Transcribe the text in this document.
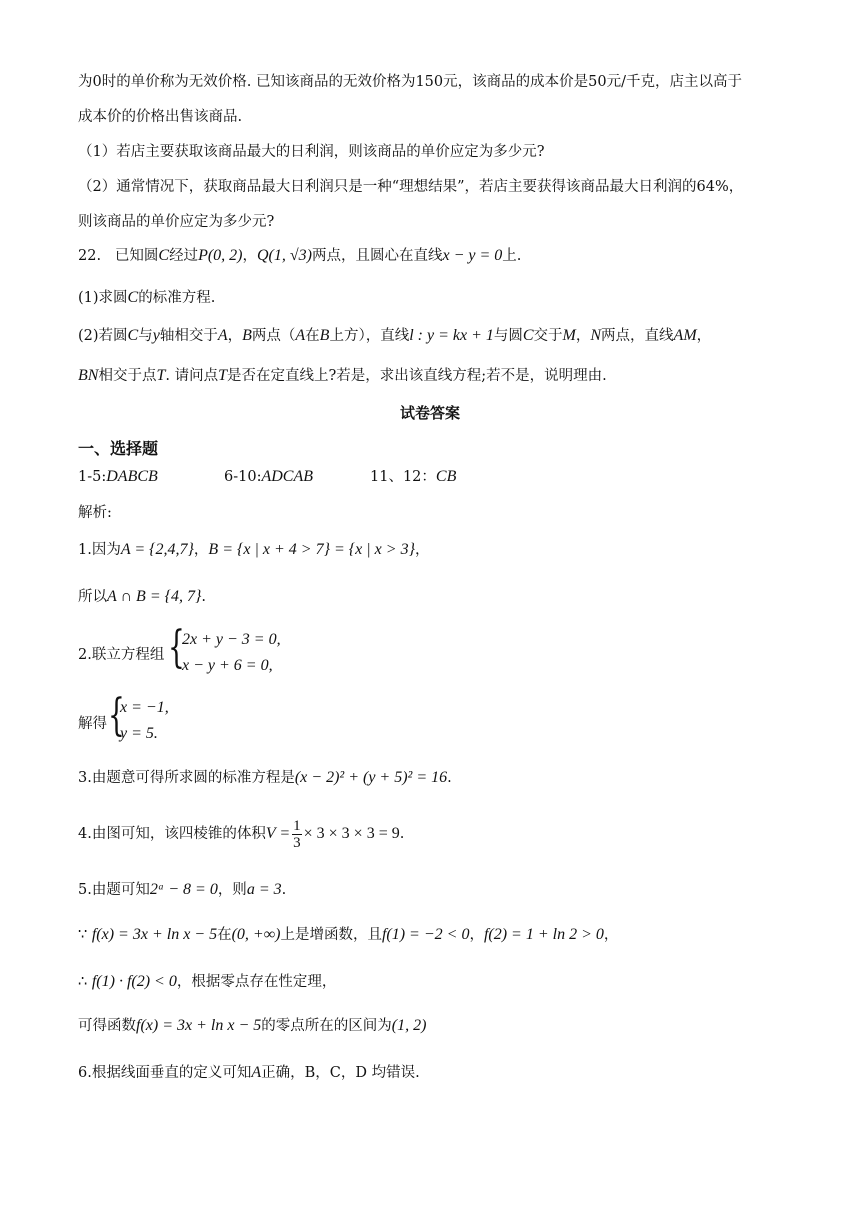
为0时的单价称为无效价格. 已知该商品的无效价格为150元，该商品的成本价是50元/千克，店主以高于
成本价的价格出售该商品.
（1）若店主要获取该商品最大的日利润，则该商品的单价应定为多少元?
（2）通常情况下，获取商品最大日利润只是一种“理想结果”，若店主要获得该商品最大日利润的64%，
则该商品的单价应定为多少元?
22. 已知圆C经过P(0, 2)，Q(1, √3)两点，且圆心在直线x − y = 0上.
(1)求圆C的标准方程.
(2)若圆C与y轴相交于A，B两点（A在B上方），直线l : y = kx + 1与圆C交于M，N两点，直线AM，
BN相交于点T. 请问点T是否在定直线上?若是，求出该直线方程;若不是，说明理由.
试卷答案
一、选择题
1-5:DABCB	6-10:ADCAB	11、12：CB
解析:
1.因为A = {2,4,7}，B = {x | x + 4 > 7} = {x | x > 3}，
所以A ∩ B = {4, 7}.
2.联立方程组 {
2x + y − 3 = 0,
x − y + 6 = 0,
解得 {
x = −1,
y = 5.
3.由题意可得所求圆的标准方程是(x − 2)² + (y + 5)² = 16.
4.由图可知，该四棱锥的体积$V = \frac{1}{3} \times 3 \times 3 \times 3 = 9$.
5.由题可知2ᵃ − 8 = 0，则a = 3.
∵ f(x) = 3x + ln x − 5在(0, +∞)上是增函数，且f(1) = −2 < 0，f(2) = 1 + ln 2 > 0，
∴ f(1) · f(2) < 0，根据零点存在性定理，
可得函数f(x) = 3x + ln x − 5的零点所在的区间为(1, 2)
6.根据线面垂直的定义可知A正确，B，C，D 均错误.
